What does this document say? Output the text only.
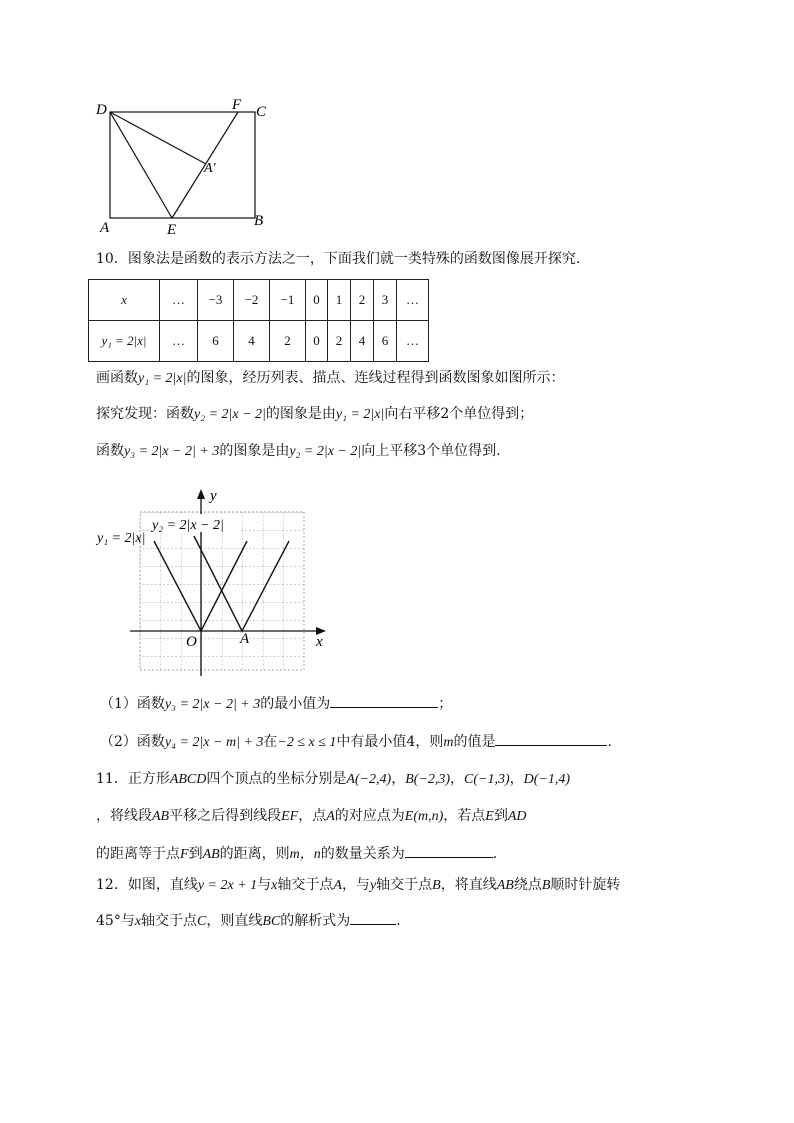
D	F C
A′
A	E
B
10．图象法是函数的表示方法之一，下面我们就一类特殊的函数图像展开探究.
x	…	−3	−2	−1	0	1	2	3	…
y₁ = 2|x|	…	6	4	2	0	2	4	6	…
画函数y₁ = 2|x|的图象，经历列表、描点、连线过程得到函数图象如图所示：
探究发现：函数y₂ = 2|x − 2|的图象是由y₁ = 2|x|向右平移2个单位得到；
函数y₃ = 2|x − 2| + 3的图象是由y₂ = 2|x − 2|向上平移3个单位得到.
y₁ = 2|x|
y₂ = 2|x − 2|
y
x
O	A
（1）函数y₃ = 2|x − 2| + 3的最小值为	；
（2）函数y₄ = 2|x − m| + 3在−2 ≤ x ≤ 1中有最小值4，则m的值是	.
11．正方形ABCD四个顶点的坐标分别是A(−2,4)，B(−2,3)，C(−1,3)，D(−1,4)
，将线段AB平移之后得到线段EF，点A的对应点为E(m,n)，若点E到AD
的距离等于点F到AB的距离，则m，n的数量关系为	.
12．如图，直线y = 2x + 1与x轴交于点A，与y轴交于点B，将直线AB绕点B顺时针旋转
45°与x轴交于点C，则直线BC的解析式为	.
